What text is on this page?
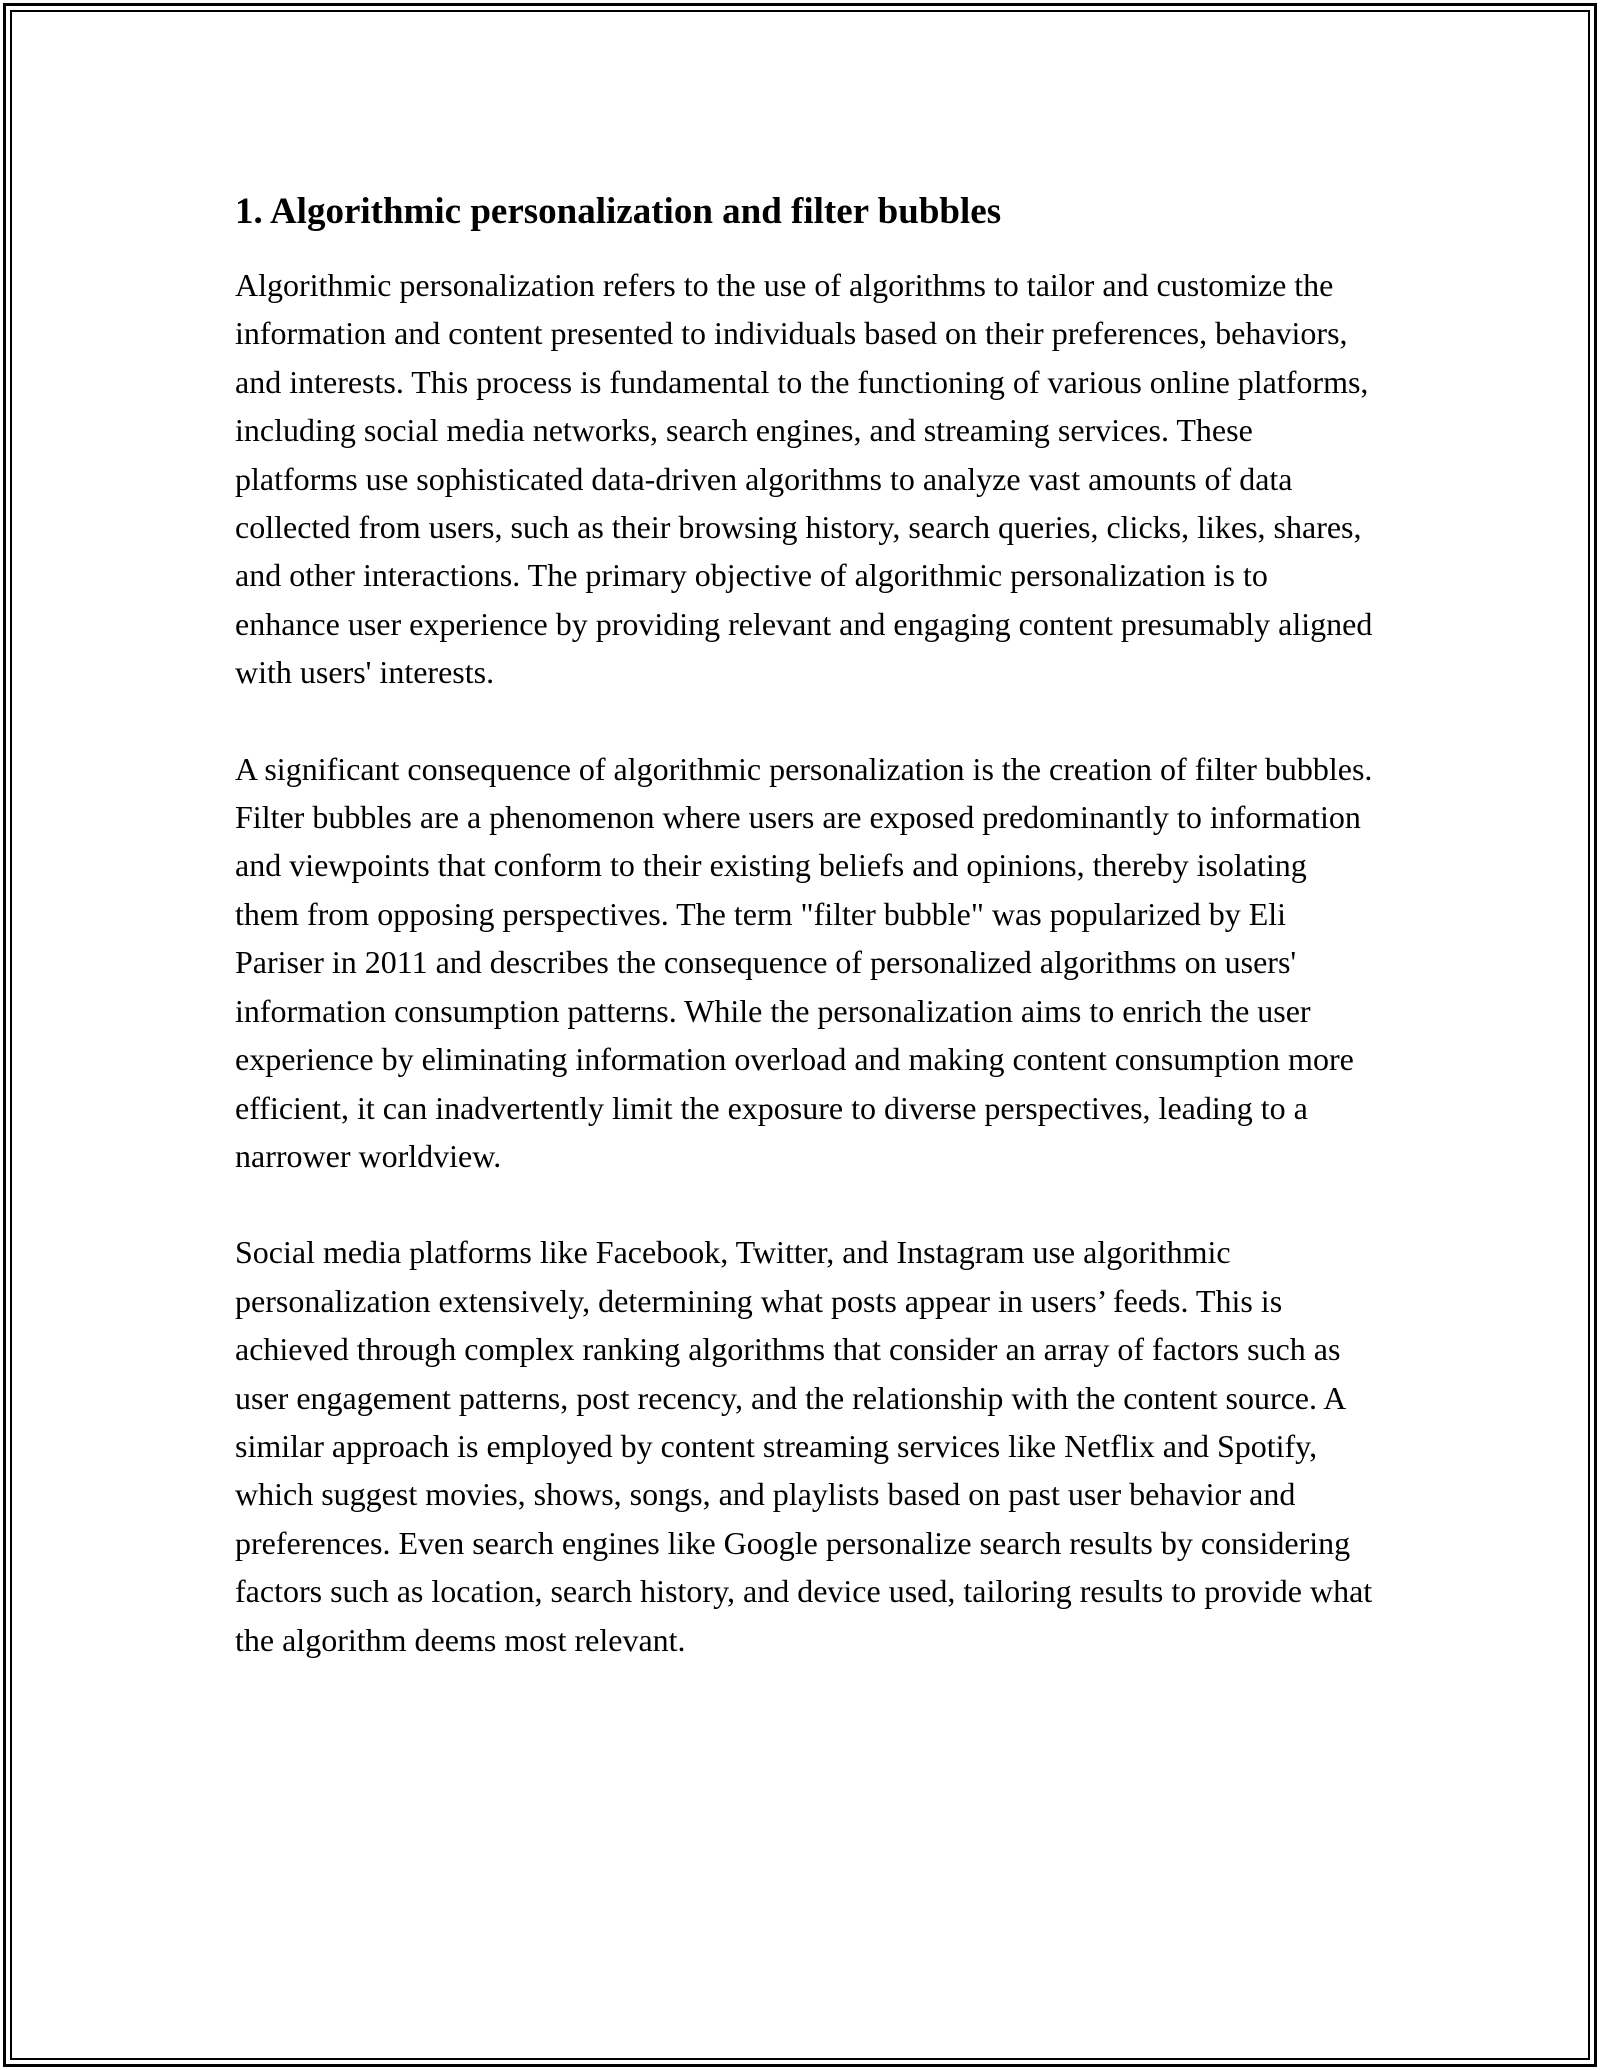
1. Algorithmic personalization and filter bubbles

Algorithmic personalization refers to the use of algorithms to tailor and customize the information and content presented to individuals based on their preferences, behaviors, and interests. This process is fundamental to the functioning of various online platforms, including social media networks, search engines, and streaming services. These platforms use sophisticated data-driven algorithms to analyze vast amounts of data collected from users, such as their browsing history, search queries, clicks, likes, shares, and other interactions. The primary objective of algorithmic personalization is to enhance user experience by providing relevant and engaging content presumably aligned with users' interests.

A significant consequence of algorithmic personalization is the creation of filter bubbles. Filter bubbles are a phenomenon where users are exposed predominantly to information and viewpoints that conform to their existing beliefs and opinions, thereby isolating them from opposing perspectives. The term "filter bubble" was popularized by Eli Pariser in 2011 and describes the consequence of personalized algorithms on users' information consumption patterns. While the personalization aims to enrich the user experience by eliminating information overload and making content consumption more efficient, it can inadvertently limit the exposure to diverse perspectives, leading to a narrower worldview.

Social media platforms like Facebook, Twitter, and Instagram use algorithmic personalization extensively, determining what posts appear in users’ feeds. This is achieved through complex ranking algorithms that consider an array of factors such as user engagement patterns, post recency, and the relationship with the content source. A similar approach is employed by content streaming services like Netflix and Spotify, which suggest movies, shows, songs, and playlists based on past user behavior and preferences. Even search engines like Google personalize search results by considering factors such as location, search history, and device used, tailoring results to provide what the algorithm deems most relevant.
